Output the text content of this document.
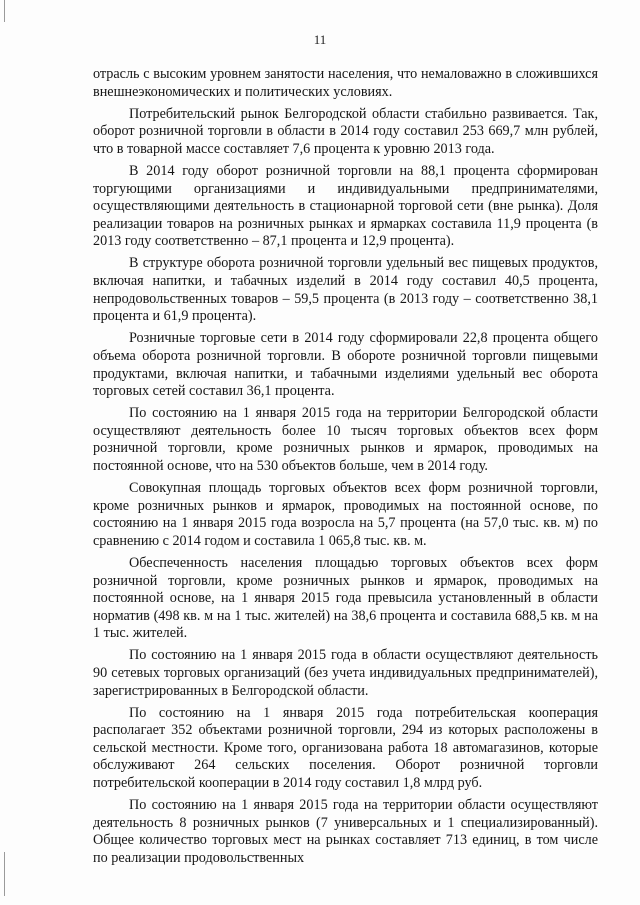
11

отрасль с высоким уровнем занятости населения, что немаловажно в сложившихся внешнеэкономических и политических условиях.

Потребительский рынок Белгородской области стабильно развивается. Так, оборот розничной торговли в области в 2014 году составил 253 669,7 млн рублей, что в товарной массе составляет 7,6 процента к уровню 2013 года.

В 2014 году оборот розничной торговли на 88,1 процента сформирован торгующими организациями и индивидуальными предпринимателями, осуществляющими деятельность в стационарной торговой сети (вне рынка). Доля реализации товаров на розничных рынках и ярмарках составила 11,9 процента (в 2013 году соответственно – 87,1 процента и 12,9 процента).

В структуре оборота розничной торговли удельный вес пищевых продуктов, включая напитки, и табачных изделий в 2014 году составил 40,5 процента, непродовольственных товаров – 59,5 процента (в 2013 году – соответственно 38,1 процента и 61,9 процента).

Розничные торговые сети в 2014 году сформировали 22,8 процента общего объема оборота розничной торговли. В обороте розничной торговли пищевыми продуктами, включая напитки, и табачными изделиями удельный вес оборота торговых сетей составил 36,1 процента.

По состоянию на 1 января 2015 года на территории Белгородской области осуществляют деятельность более 10 тысяч торговых объектов всех форм розничной торговли, кроме розничных рынков и ярмарок, проводимых на постоянной основе, что на 530 объектов больше, чем в 2014 году.

Совокупная площадь торговых объектов всех форм розничной торговли, кроме розничных рынков и ярмарок, проводимых на постоянной основе, по состоянию на 1 января 2015 года возросла на 5,7 процента (на 57,0 тыс. кв. м) по сравнению с 2014 годом и составила 1 065,8 тыс. кв. м.

Обеспеченность населения площадью торговых объектов всех форм розничной торговли, кроме розничных рынков и ярмарок, проводимых на постоянной основе, на 1 января 2015 года превысила установленный в области норматив (498 кв. м на 1 тыс. жителей) на 38,6 процента и составила 688,5 кв. м на 1 тыс. жителей.

По состоянию на 1 января 2015 года в области осуществляют деятельность 90 сетевых торговых организаций (без учета индивидуальных предпринимателей), зарегистрированных в Белгородской области.

По состоянию на 1 января 2015 года потребительская кооперация располагает 352 объектами розничной торговли, 294 из которых расположены в сельской местности. Кроме того, организована работа 18 автомагазинов, которые обслуживают 264 сельских поселения. Оборот розничной торговли потребительской кооперации в 2014 году составил 1,8 млрд руб.

По состоянию на 1 января 2015 года на территории области осуществляют деятельность 8 розничных рынков (7 универсальных и 1 специализированный). Общее количество торговых мест на рынках составляет 713 единиц, в том числе по реализации продовольственных
